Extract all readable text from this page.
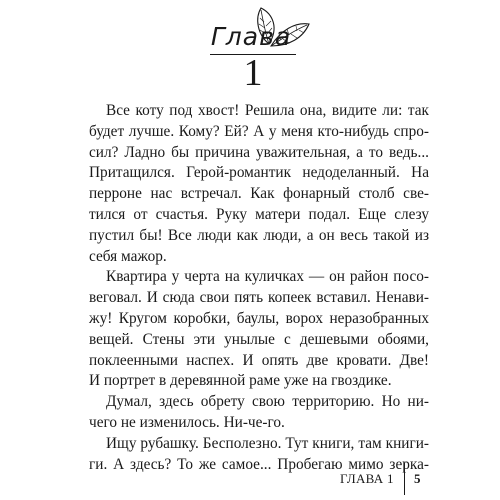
Глава
1
Все коту под хвост! Решила она, видите ли: так
будет лучше. Кому? Ей? А у меня кто-нибудь спро-
сил? Ладно бы причина уважительная, а то ведь...
Притащился. Герой-романтик недоделанный. На
перроне нас встречал. Как фонарный столб све-
тился от счастья. Руку матери подал. Еще слезу
пустил бы! Все люди как люди, а он весь такой из
себя мажор.
Квартира у черта на куличках — он район посо-
веговал. И сюда свои пять копеек вставил. Ненави-
жу! Кругом коробки, баулы, ворох неразобранных
вещей. Стены эти унылые с дешевыми обоями,
поклеенными наспех. И опять две кровати. Две!
И портрет в деревянной раме уже на гвоздике.
Думал, здесь обрету свою территорию. Но ни-
чего не изменилось. Ни-че-го.
Ищу рубашку. Бесполезно. Тут книги, там книги-
ги. А здесь? То же самое... Пробегаю мимо зерка-
ГЛАВА 1 5
